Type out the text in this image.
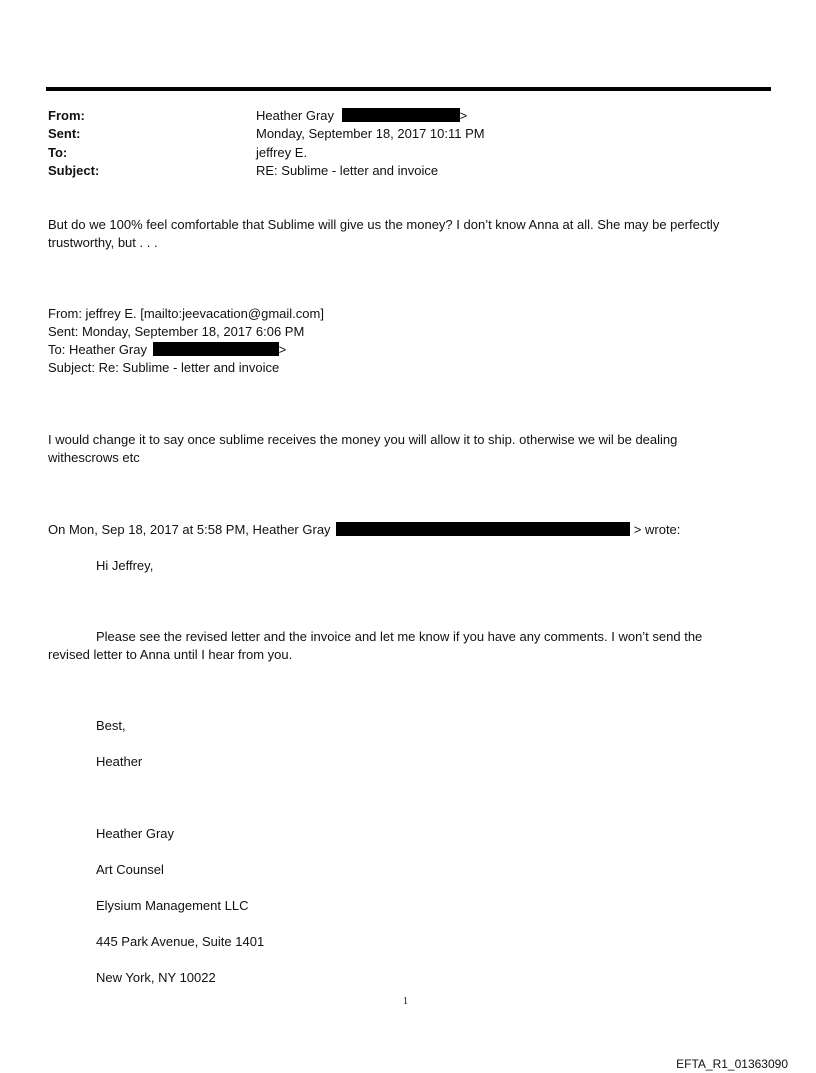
From:	Heather Gray	>
Sent:	Monday, September 18, 2017 10:11 PM
To:	jeffrey E.
Subject:	RE: Sublime - letter and invoice
But do we 100% feel comfortable that Sublime will give us the money? I don’t know Anna at all. She may be perfectly
trustworthy, but . . .
From: jeffrey E. [mailto:jeevacation@gmail.com]
Sent: Monday, September 18, 2017 6:06 PM
To: Heather Gray	>
Subject: Re: Sublime - letter and invoice
I would change it to say once sublime receives the money you will allow it to ship. otherwise we wil be dealing
withescrows etc
On Mon, Sep 18, 2017 at 5:58 PM, Heather Gray	> wrote:
Hi Jeffrey,
Please see the revised letter and the invoice and let me know if you have any comments. I won’t send the
revised letter to Anna until I hear from you.
Best,
Heather
Heather Gray
Art Counsel
Elysium Management LLC
445 Park Avenue, Suite 1401
New York, NY 10022
1
EFTA_R1_01363090
